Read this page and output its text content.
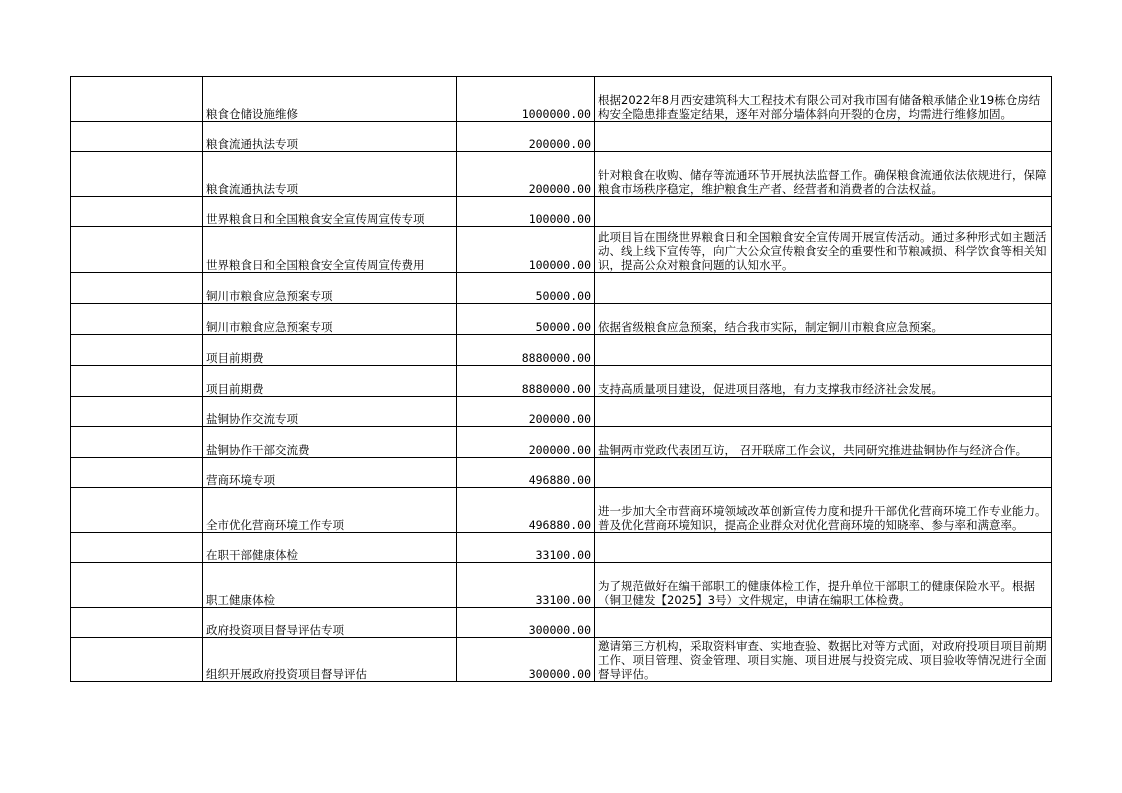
	粮食仓储设施维修	1000000.00	根据2022年8月西安建筑科大工程技术有限公司对我市国有储备粮承储企业19栋仓房结构安全隐患排查鉴定结果，逐年对部分墙体斜向开裂的仓房，均需进行维修加固。
	粮食流通执法专项	200000.00	
	粮食流通执法专项	200000.00	针对粮食在收购、储存等流通环节开展执法监督工作。确保粮食流通依法依规进行，保障粮食市场秩序稳定，维护粮食生产者、经营者和消费者的合法权益。
	世界粮食日和全国粮食安全宣传周宣传专项	100000.00	
	世界粮食日和全国粮食安全宣传周宣传费用	100000.00	此项目旨在围绕世界粮食日和全国粮食安全宣传周开展宣传活动。通过多种形式如主题活动、线上线下宣传等，向广大公众宣传粮食安全的重要性和节粮减损、科学饮食等相关知识，提高公众对粮食问题的认知水平。
	铜川市粮食应急预案专项	50000.00	
	铜川市粮食应急预案专项	50000.00	依据省级粮食应急预案，结合我市实际，制定铜川市粮食应急预案。
	项目前期费	8880000.00	
	项目前期费	8880000.00	支持高质量项目建设，促进项目落地，有力支撑我市经济社会发展。
	盐铜协作交流专项	200000.00	
	盐铜协作干部交流费	200000.00	盐铜两市党政代表团互访， 召开联席工作会议，共同研究推进盐铜协作与经济合作。
	营商环境专项	496880.00	
	全市优化营商环境工作专项	496880.00	进一步加大全市营商环境领域改革创新宣传力度和提升干部优化营商环境工作专业能力。普及优化营商环境知识，提高企业群众对优化营商环境的知晓率、参与率和满意率。
	在职干部健康体检	33100.00	
	职工健康体检	33100.00	为了规范做好在编干部职工的健康体检工作，提升单位干部职工的健康保险水平。根据（铜卫健发【2025】3号）文件规定，申请在编职工体检费。
	政府投资项目督导评估专项	300000.00	
	组织开展政府投资项目督导评估	300000.00	邀请第三方机构，采取资料审查、实地查验、数据比对等方式面，对政府投项目项目前期工作、项目管理、资金管理、项目实施、项目进展与投资完成、项目验收等情况进行全面督导评估。
